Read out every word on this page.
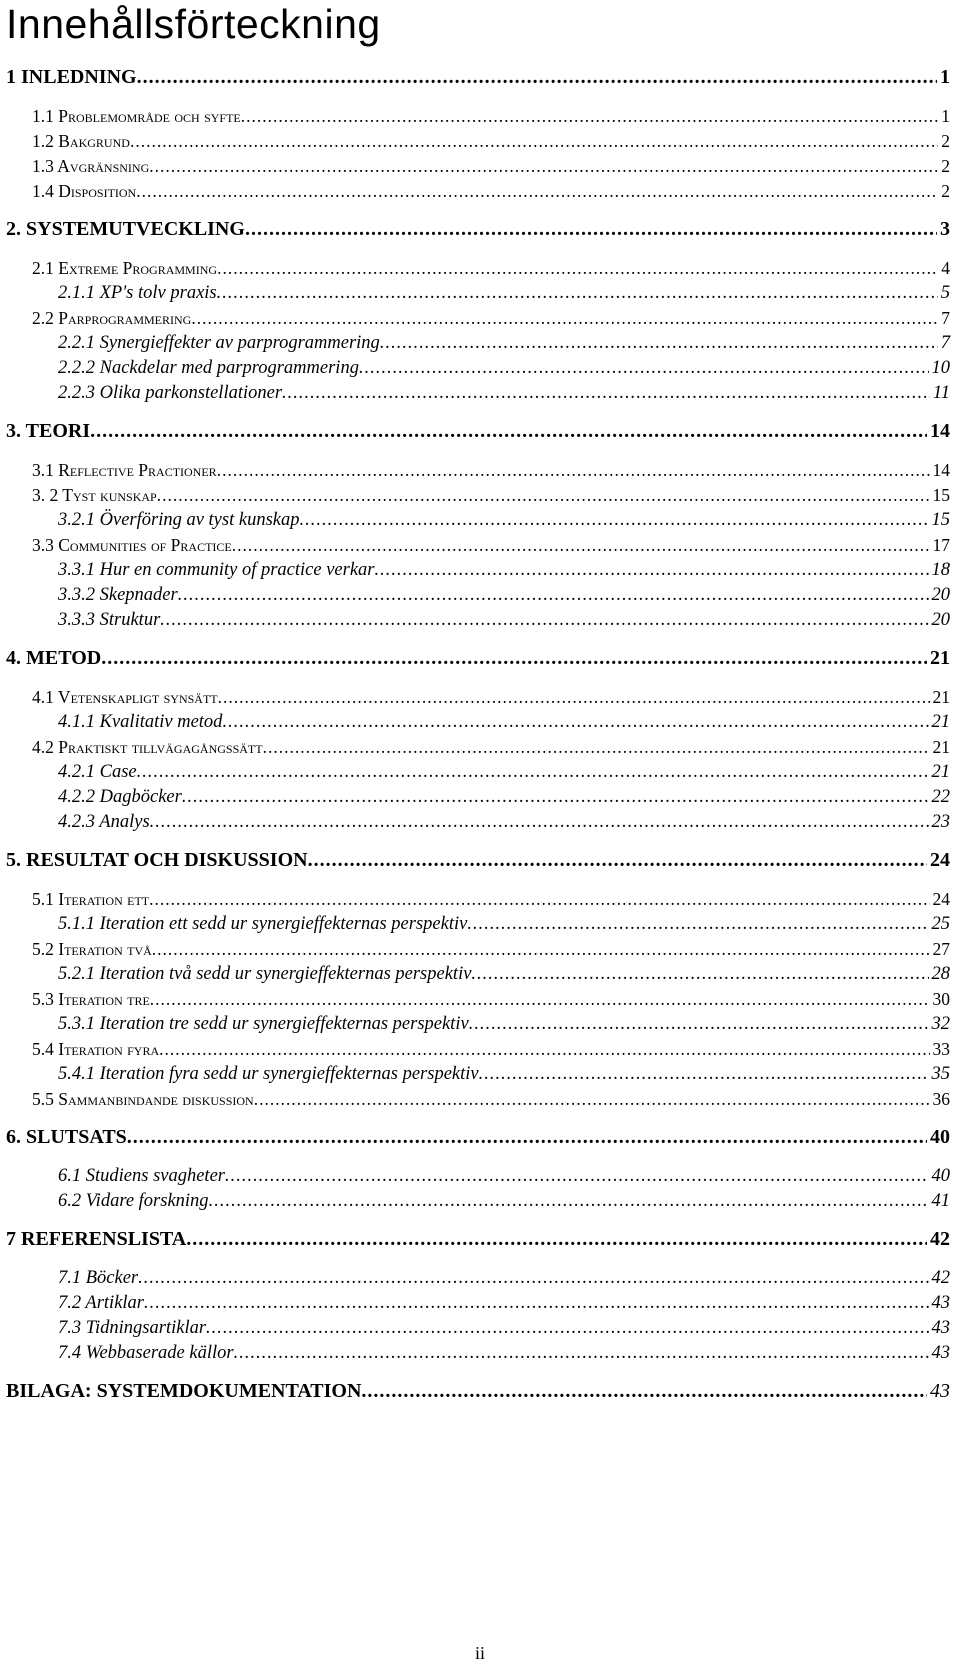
Innehållsförteckning
1 INLEDNING .....	1
1.1 Problemområde och syfte .....	1
1.2 Bakgrund .....	2
1.3 Avgränsning .....	2
1.4 Disposition .....	2
2. SYSTEMUTVECKLING .....	3
2.1 Extreme Programming .....	4
2.1.1 XP's tolv praxis .....	5
2.2 Parprogrammering .....	7
2.2.1 Synergieffekter av parprogrammering .....	7
2.2.2 Nackdelar med parprogrammering .....	10
2.2.3 Olika parkonstellationer .....	11
3. TEORI .....	14
3.1 Reflective Practioner .....	14
3. 2 Tyst kunskap .....	15
3.2.1 Överföring av tyst kunskap .....	15
3.3 Communities of Practice .....	17
3.3.1 Hur en community of practice verkar .....	18
3.3.2 Skepnader .....	20
3.3.3 Struktur .....	20
4. METOD .....	21
4.1 Vetenskapligt synsätt .....	21
4.1.1 Kvalitativ metod .....	21
4.2 Praktiskt tillvägagångssätt .....	21
4.2.1 Case .....	21
4.2.2 Dagböcker .....	22
4.2.3 Analys .....	23
5. RESULTAT OCH DISKUSSION .....	24
5.1 Iteration ett .....	24
5.1.1 Iteration ett sedd ur synergieffekternas perspektiv .....	25
5.2 Iteration två .....	27
5.2.1 Iteration två sedd ur synergieffekternas perspektiv .....	28
5.3 Iteration tre .....	30
5.3.1 Iteration tre sedd ur synergieffekternas perspektiv .....	32
5.4 Iteration fyra .....	33
5.4.1 Iteration fyra sedd ur synergieffekternas perspektiv .....	35
5.5 Sammanbindande diskussion .....	36
6. SLUTSATS .....	40
6.1 Studiens svagheter .....	40
6.2 Vidare forskning .....	41
7 REFERENSLISTA .....	42
7.1 Böcker .....	42
7.2 Artiklar .....	43
7.3 Tidningsartiklar .....	43
7.4 Webbaserade källor .....	43
BILAGA: SYSTEMDOKUMENTATION .....	43
ii
